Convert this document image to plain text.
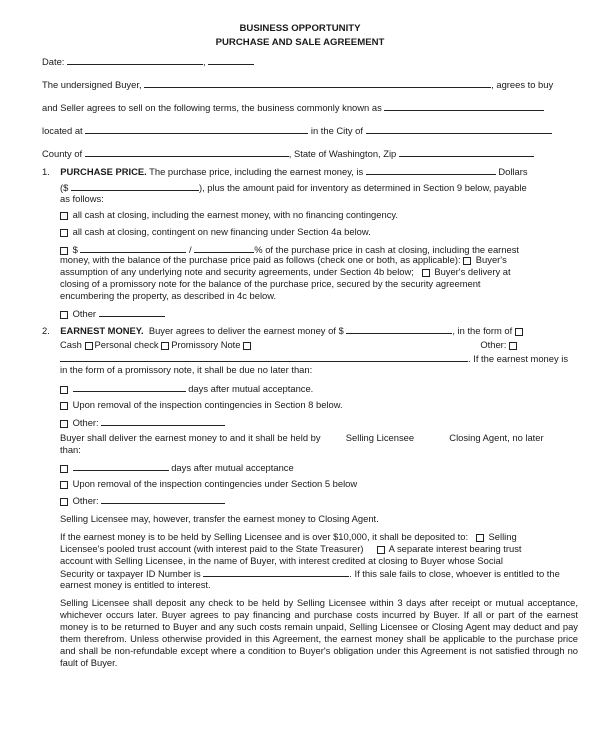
BUSINESS OPPORTUNITY
PURCHASE AND SALE AGREEMENT
Date:	,
The undersigned Buyer,	, agrees to buy
and Seller agrees to sell on the following terms, the business commonly known as
located at	in the City of
County of	, State of Washington, Zip
1. PURCHASE PRICE. The purchase price, including the earnest money, is	Dollars
($	), plus the amount paid for inventory as determined in Section 9 below, payable
as follows:
all cash at closing, including the earnest money, with no financing contingency.
all cash at closing, contingent on new financing under Section 4a below.
$	/	% of the purchase price in cash at closing, including the earnest
money, with the balance of the purchase price paid as follows (check one or both, as applicable): Buyer's
assumption of any underlying note and security agreements, under Section 4b below; Buyer's delivery at
closing of a promissory note for the balance of the purchase price, secured by the security agreement
encumbering the property, as described in 4c below.
Other
2. EARNEST MONEY. Buyer agrees to deliver the earnest money of $	, in the form of
Cash Personal check Promissory Note	Other:
. If the earnest money is
in the form of a promissory note, it shall be due no later than:
days after mutual acceptance.
Upon removal of the inspection contingencies in Section 8 below.
Other:
Buyer shall deliver the earnest money to and it shall be held by	Selling Licensee	Closing Agent, no later
than:
days after mutual acceptance
Upon removal of the inspection contingencies under Section 5 below
Other:
Selling Licensee may, however, transfer the earnest money to Closing Agent.
If the earnest money is to be held by Selling Licensee and is over $10,000, it shall be deposited to: Selling
Licensee's pooled trust account (with interest paid to the State Treasurer)	A separate interest bearing trust
account with Selling Licensee, in the name of Buyer, with interest credited at closing to Buyer whose Social
Security or taxpayer ID Number is	. If this sale fails to close, whoever is entitled to the
earnest money is entitled to interest.
Selling Licensee shall deposit any check to be held by Selling Licensee within 3 days after receipt or mutual acceptance, whichever occurs later. Buyer agrees to pay financing and purchase costs incurred by Buyer. If all or part of the earnest money is to be returned to Buyer and any such costs remain unpaid, Selling Licensee or Closing Agent may deduct and pay them therefrom. Unless otherwise provided in this Agreement, the earnest money shall be applicable to the purchase price and shall be non-refundable except where a condition to Buyer's obligation under this Agreement is not satisfied through no fault of Buyer.
